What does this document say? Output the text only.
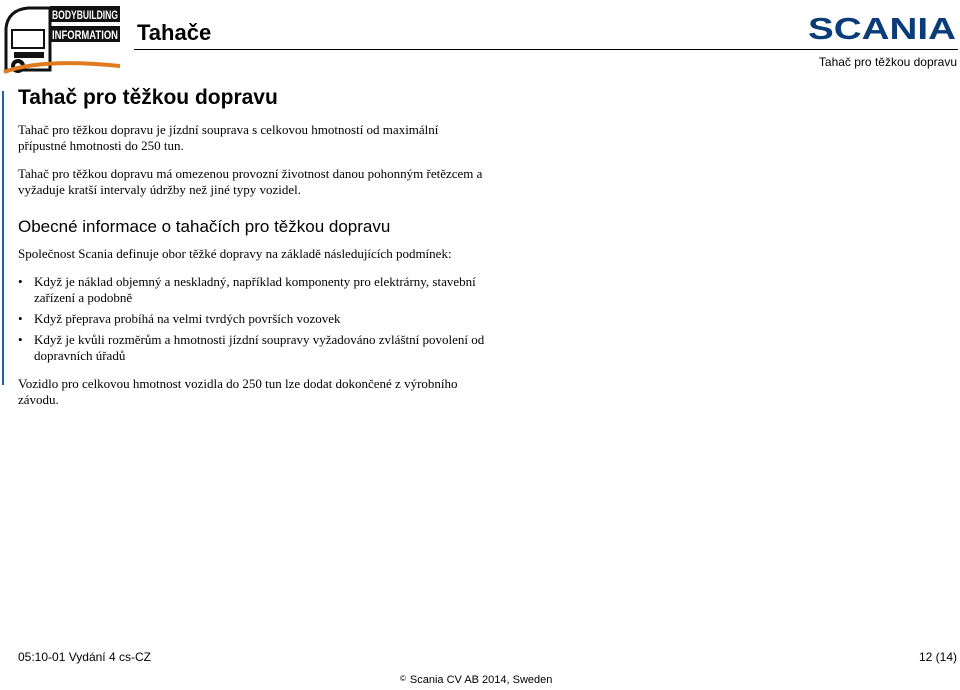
BODYBUILDING
INFORMATION Tahače	SCANIA
Tahač pro těžkou dopravu
Tahač pro těžkou dopravu

Tahač pro těžkou dopravu je jízdní souprava s celkovou hmotností od maximální přípustné hmotnosti do 250 tun.

Tahač pro těžkou dopravu má omezenou provozní životnost danou pohonným řetězcem a vyžaduje kratší intervaly údržby než jiné typy vozidel.

Obecné informace o tahačích pro těžkou dopravu

Společnost Scania definuje obor těžké dopravy na základě následujících podmínek:

• Když je náklad objemný a neskladný, například komponenty pro elektrárny, stavební zařízení a podobně
• Když přeprava probíhá na velmi tvrdých površích vozovek
• Když je kvůli rozměrům a hmotnosti jízdní soupravy vyžadováno zvláštní povolení od dopravních úřadů

Vozidlo pro celkovou hmotnost vozidla do 250 tun lze dodat dokončené z výrobního závodu.

05:10-01 Vydání 4 cs-CZ	12 (14)
© Scania CV AB 2014, Sweden
